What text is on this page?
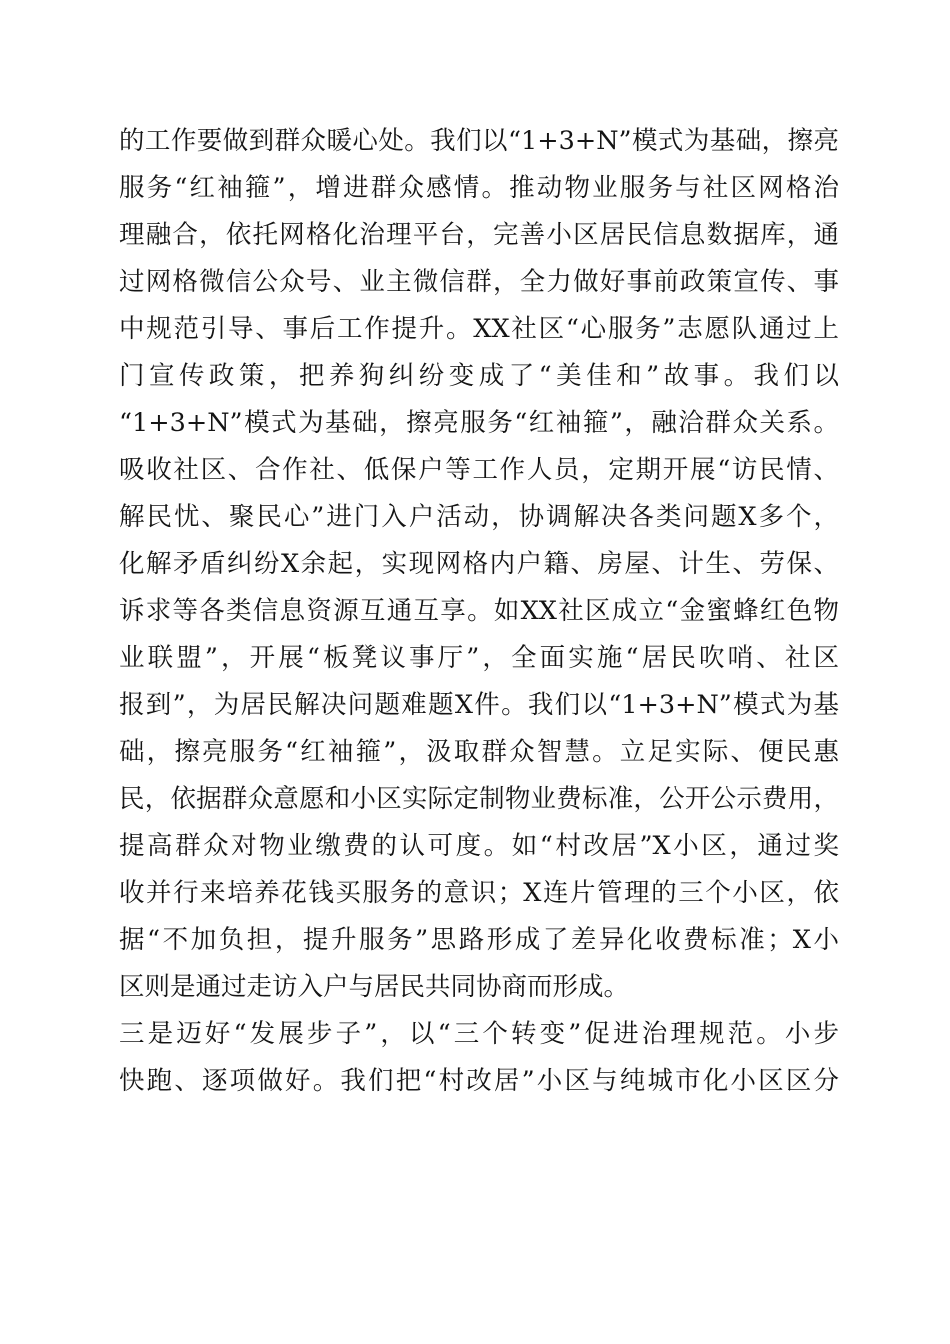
的工作要做到群众暖心处。我们以“1+3+N”模式为基础，擦亮
服务“红袖箍”，增进群众感情。推动物业服务与社区网格治
理融合，依托网格化治理平台，完善小区居民信息数据库，通
过网格微信公众号、业主微信群，全力做好事前政策宣传、事
中规范引导、事后工作提升。XX社区“心服务”志愿队通过上
门宣传政策，把养狗纠纷变成了“美佳和”故事。我们以
“1+3+N”模式为基础，擦亮服务“红袖箍”，融洽群众关系。
吸收社区、合作社、低保户等工作人员，定期开展“访民情、
解民忧、聚民心”进门入户活动，协调解决各类问题X多个，
化解矛盾纠纷X余起，实现网格内户籍、房屋、计生、劳保、
诉求等各类信息资源互通互享。如XX社区成立“金蜜蜂红色物
业联盟”，开展“板凳议事厅”，全面实施“居民吹哨、社区
报到”，为居民解决问题难题X件。我们以“1+3+N”模式为基
础，擦亮服务“红袖箍”，汲取群众智慧。立足实际、便民惠
民，依据群众意愿和小区实际定制物业费标准，公开公示费用，
提高群众对物业缴费的认可度。如“村改居”X小区，通过奖
收并行来培养花钱买服务的意识；X连片管理的三个小区，依
据“不加负担，提升服务”思路形成了差异化收费标准；X小
区则是通过走访入户与居民共同协商而形成。
三是迈好“发展步子”，以“三个转变”促进治理规范。小步
快跑、逐项做好。我们把“村改居”小区与纯城市化小区区分
